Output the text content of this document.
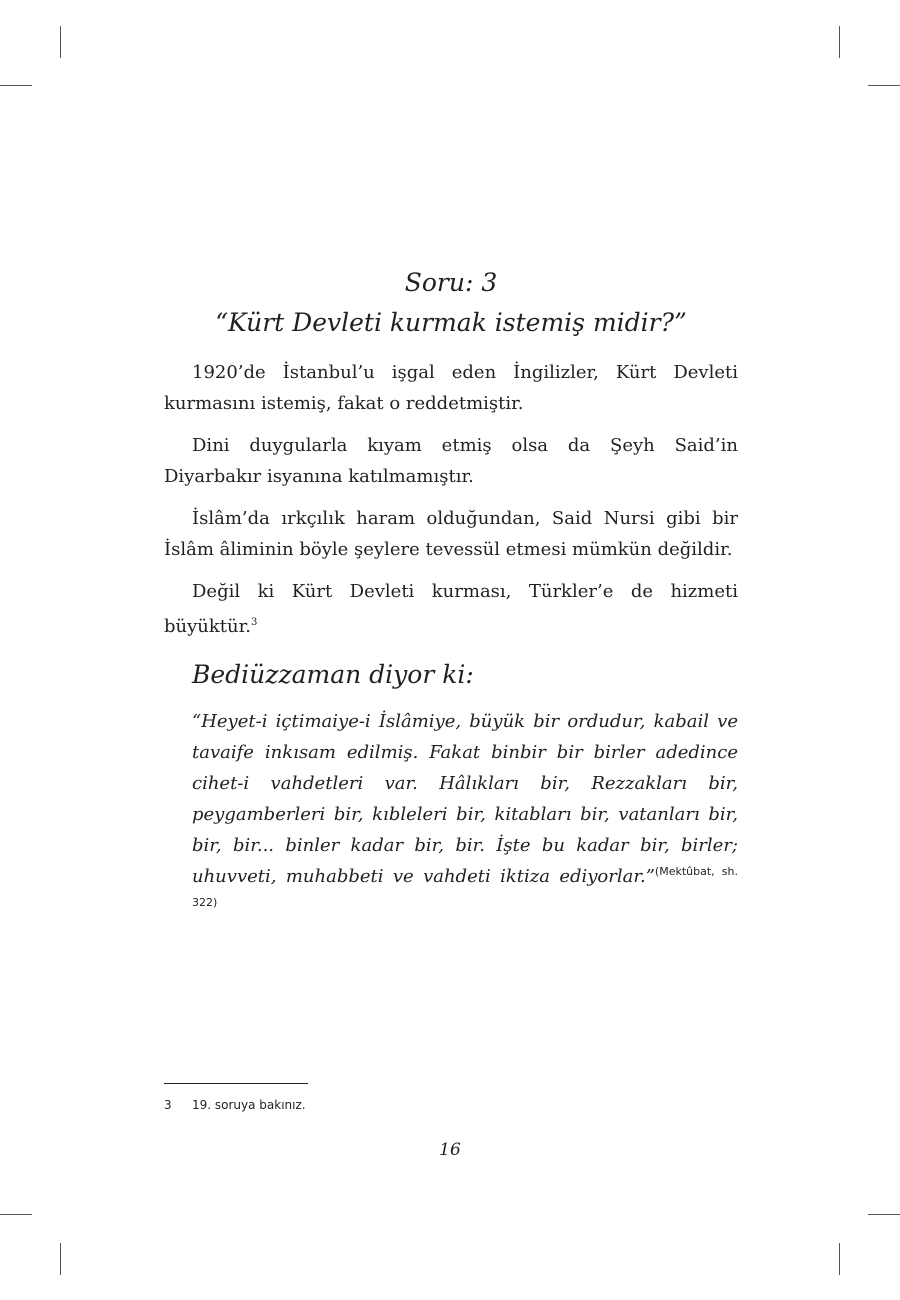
Soru: 3
“Kürt Devleti kurmak istemiş midir?”

1920’de İstanbul’u işgal eden İngilizler, Kürt Devleti kurmasını istemiş, fakat o reddetmiştir.

Dini duygularla kıyam etmiş olsa da Şeyh Said’in Diyarbakır isyanına katılmamıştır.

İslâm’da ırkçılık haram olduğundan, Said Nursi gibi bir İslâm âliminin böyle şeylere tevessül etmesi mümkün değildir.

Değil ki Kürt Devleti kurması, Türkler’e de hizmeti büyüktür.$^3$

Bediüzzaman diyor ki:
“Heyet-i içtimaiye-i İslâmiye, büyük bir ordudur, kabail ve tavaife inkısam edilmiş. Fakat binbir bir birler adedince cihet-i vahdetleri var. Hâlıkları bir, Rezzakları bir, peygamberleri bir, kıbleleri bir, kitabları bir, vatanları bir, bir, bir... binler kadar bir, bir. İşte bu kadar bir, birler; uhuvveti, muhabbeti ve vahdeti iktiza ediyorlar.”$^{(Mektûbat, sh. 322)}$
3 19. soruya bakınız.
16
